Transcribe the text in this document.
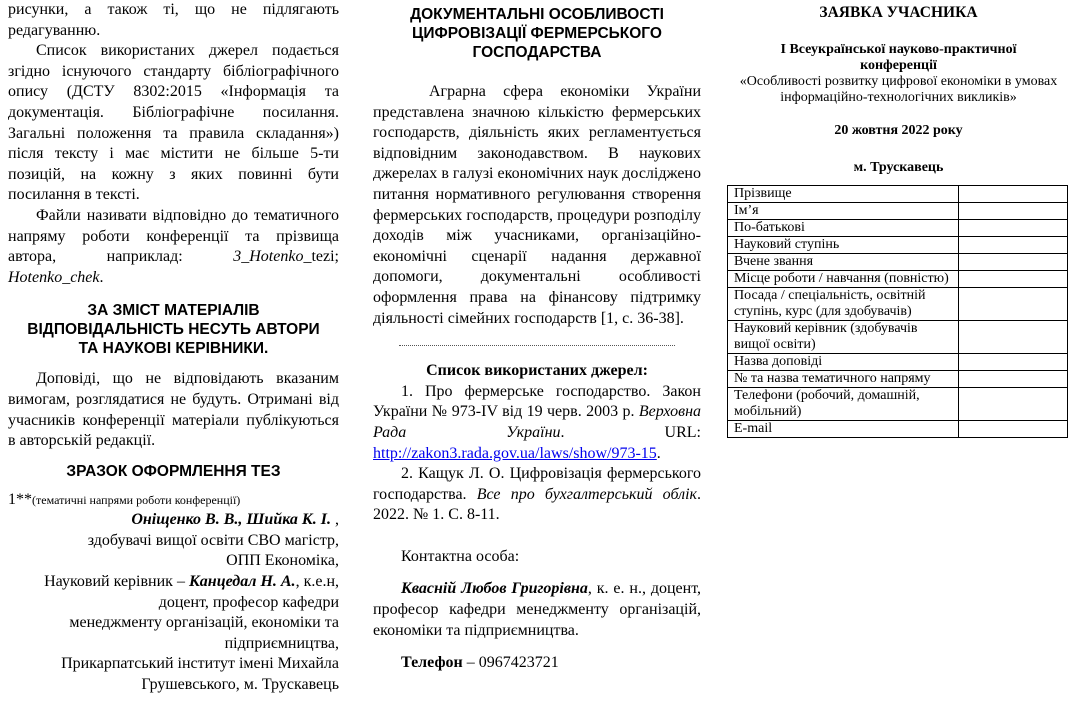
рисунки, а також ті, що не підлягають редагуванню.

Список використаних джерел подається згідно існуючого стандарту бібліографічного опису (ДСТУ 8302:2015 «Інформація та документація. Бібліографічне посилання. Загальні положення та правила складання») після тексту і має містити не більше 5-ти позицій, на кожну з яких повинні бути посилання в тексті.

Файли називати відповідно до тематичного напряму роботи конференції та прізвища автора, наприклад: 3_Hotenko_tezi; Hotenko_chek.

ЗА ЗМІСТ МАТЕРІАЛІВ ВІДПОВІДАЛЬНІСТЬ НЕСУТЬ АВТОРИ ТА НАУКОВІ КЕРІВНИКИ.

Доповіді, що не відповідають вказаним вимогам, розглядатися не будуть. Отримані від учасників конференції матеріали публікуються в авторській редакції.

ЗРАЗОК ОФОРМЛЕННЯ ТЕЗ

1**(тематичні напрями роботи конференції)
Оніщенко В. В., Шийка К. І. ,
здобувачі вищої освіти СВО магістр,
ОПП Економіка,
Науковий керівник – Канцедал Н. А., к.е.н,
доцент, професор кафедри
менеджменту організацій, економіки та
підприємництва,
Прикарпатський інститут імені Михайла
Грушевського, м. Трускавець

ДОКУМЕНТАЛЬНІ ОСОБЛИВОСТІ ЦИФРОВІЗАЦІЇ ФЕРМЕРСЬКОГО ГОСПОДАРСТВА

Аграрна сфера економіки України представлена значною кількістю фермерських господарств, діяльність яких регламентується відповідним законодавством. В наукових джерелах в галузі економічних наук досліджено питання нормативного регулювання створення фермерських господарств, процедури розподілу доходів між учасниками, організаційно-економічні сценарії надання державної допомоги, документальні особливості оформлення права на фінансову підтримку діяльності сімейних господарств [1, с. 36-38].

Список використаних джерел:

1. Про фермерське господарство. Закон України № 973-IV від 19 черв. 2003 р. Верховна Рада України. URL: http://zakon3.rada.gov.ua/laws/show/973-15.

2. Кащук Л. О. Цифровізація фермерського господарства. Все про бухгалтерський облік. 2022. № 1. С. 8-11.

Контактна особа:

Квасній Любов Григорівна, к. е. н., доцент, професор кафедри менеджменту організацій, економіки та підприємництва.

Телефон – 0967423721

ЗАЯВКА УЧАСНИКА

І Всеукраїнської науково-практичної конференції

«Особливості розвитку цифрової економіки в умовах інформаційно-технологічних викликів»

20 жовтня 2022 року

м. Трускавець

Прізвище	
Ім’я	
По-батькові	
Науковий ступінь	
Вчене звання	
Місце роботи / навчання (повністю)	
Посада / спеціальність, освітній ступінь, курс (для здобувачів)	
Науковий керівник (здобувачів вищої освіти)	
Назва доповіді	
№ та назва тематичного напряму	
Телефони (робочий, домашній, мобільний)	
E-mail	
